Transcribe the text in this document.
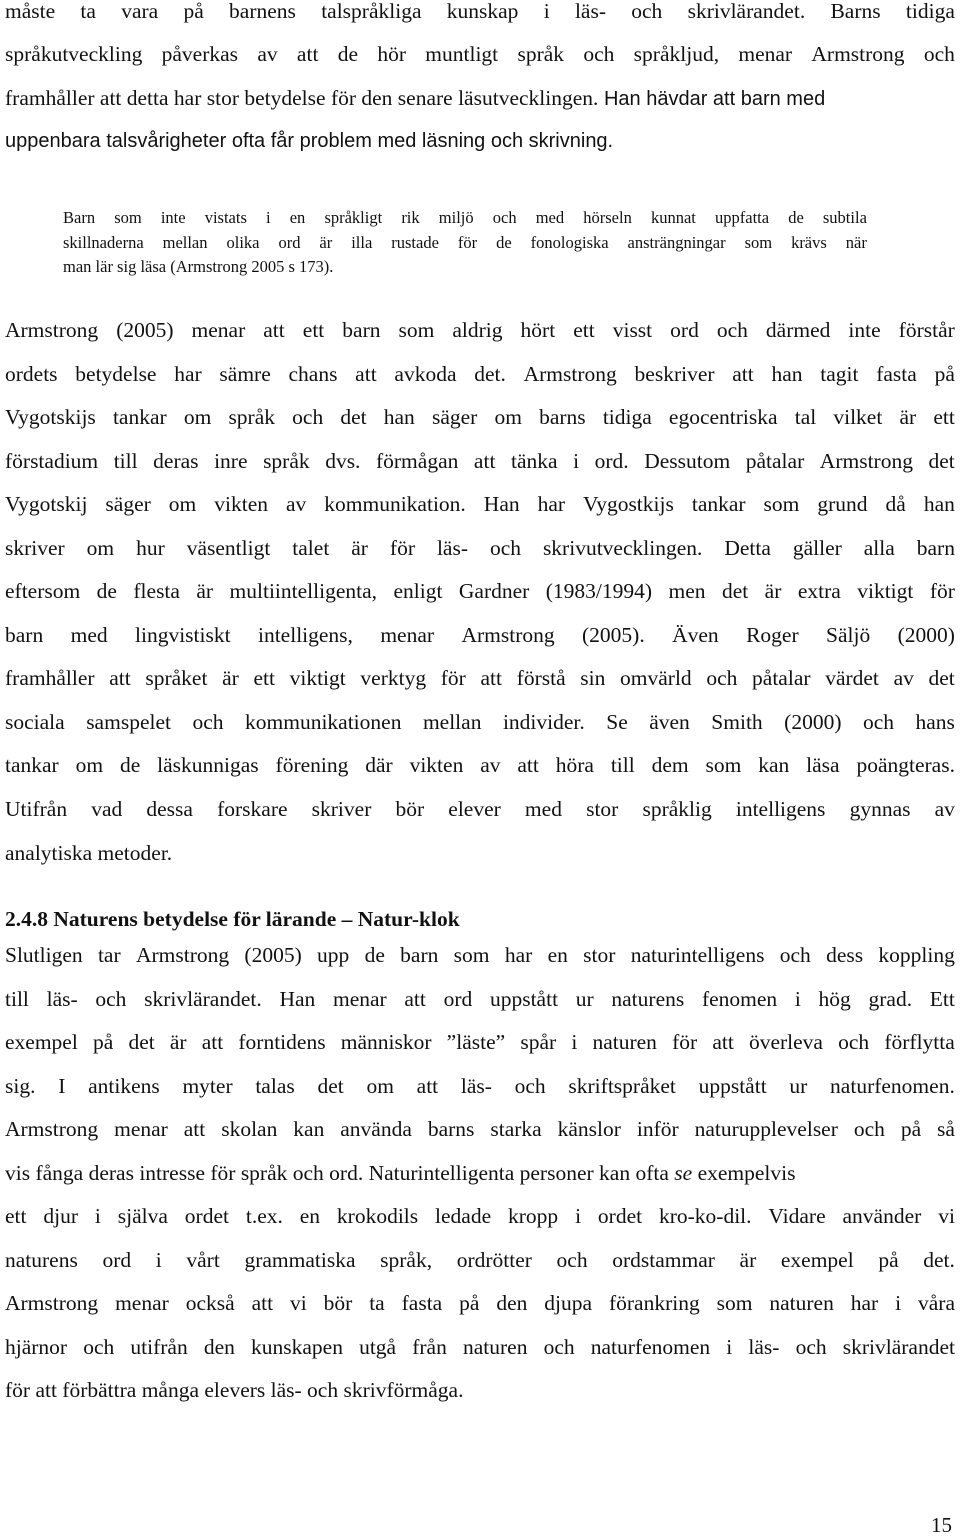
måste ta vara på barnens talspråkliga kunskap i läs- och skrivlärandet. Barns tidiga
språkutveckling påverkas av att de hör muntligt språk och språkljud, menar Armstrong och
framhåller att detta har stor betydelse för den senare läsutvecklingen. Han hävdar att barn med
uppenbara talsvårigheter ofta får problem med läsning och skrivning.
Barn som inte vistats i en språkligt rik miljö och med hörseln kunnat uppfatta de subtila
skillnaderna mellan olika ord är illa rustade för de fonologiska ansträngningar som krävs när
man lär sig läsa (Armstrong 2005 s 173).
Armstrong (2005) menar att ett barn som aldrig hört ett visst ord och därmed inte förstår
ordets betydelse har sämre chans att avkoda det. Armstrong beskriver att han tagit fasta på
Vygotskijs tankar om språk och det han säger om barns tidiga egocentriska tal vilket är ett
förstadium till deras inre språk dvs. förmågan att tänka i ord. Dessutom påtalar Armstrong det
Vygotskij säger om vikten av kommunikation. Han har Vygostkijs tankar som grund då han
skriver om hur väsentligt talet är för läs- och skrivutvecklingen. Detta gäller alla barn
eftersom de flesta är multiintelligenta, enligt Gardner (1983/1994) men det är extra viktigt för
barn med lingvistiskt intelligens, menar Armstrong (2005). Även Roger Säljö (2000)
framhåller att språket är ett viktigt verktyg för att förstå sin omvärld och påtalar värdet av det
sociala samspelet och kommunikationen mellan individer. Se även Smith (2000) och hans
tankar om de läskunnigas förening där vikten av att höra till dem som kan läsa poängteras.
Utifrån vad dessa forskare skriver bör elever med stor språklig intelligens gynnas av
analytiska metoder.
2.4.8 Naturens betydelse för lärande – Natur-klok
Slutligen tar Armstrong (2005) upp de barn som har en stor naturintelligens och dess koppling
till läs- och skrivlärandet. Han menar att ord uppstått ur naturens fenomen i hög grad. Ett
exempel på det är att forntidens människor ”läste” spår i naturen för att överleva och förflytta
sig. I antikens myter talas det om att läs- och skriftspråket uppstått ur naturfenomen.
Armstrong menar att skolan kan använda barns starka känslor inför naturupplevelser och på så
vis fånga deras intresse för språk och ord. Naturintelligenta personer kan ofta se exempelvis
ett djur i själva ordet t.ex. en krokodils ledade kropp i ordet kro-ko-dil. Vidare använder vi
naturens ord i vårt grammatiska språk, ordrötter och ordstammar är exempel på det.
Armstrong menar också att vi bör ta fasta på den djupa förankring som naturen har i våra
hjärnor och utifrån den kunskapen utgå från naturen och naturfenomen i läs- och skrivlärandet
för att förbättra många elevers läs- och skrivförmåga.
15
